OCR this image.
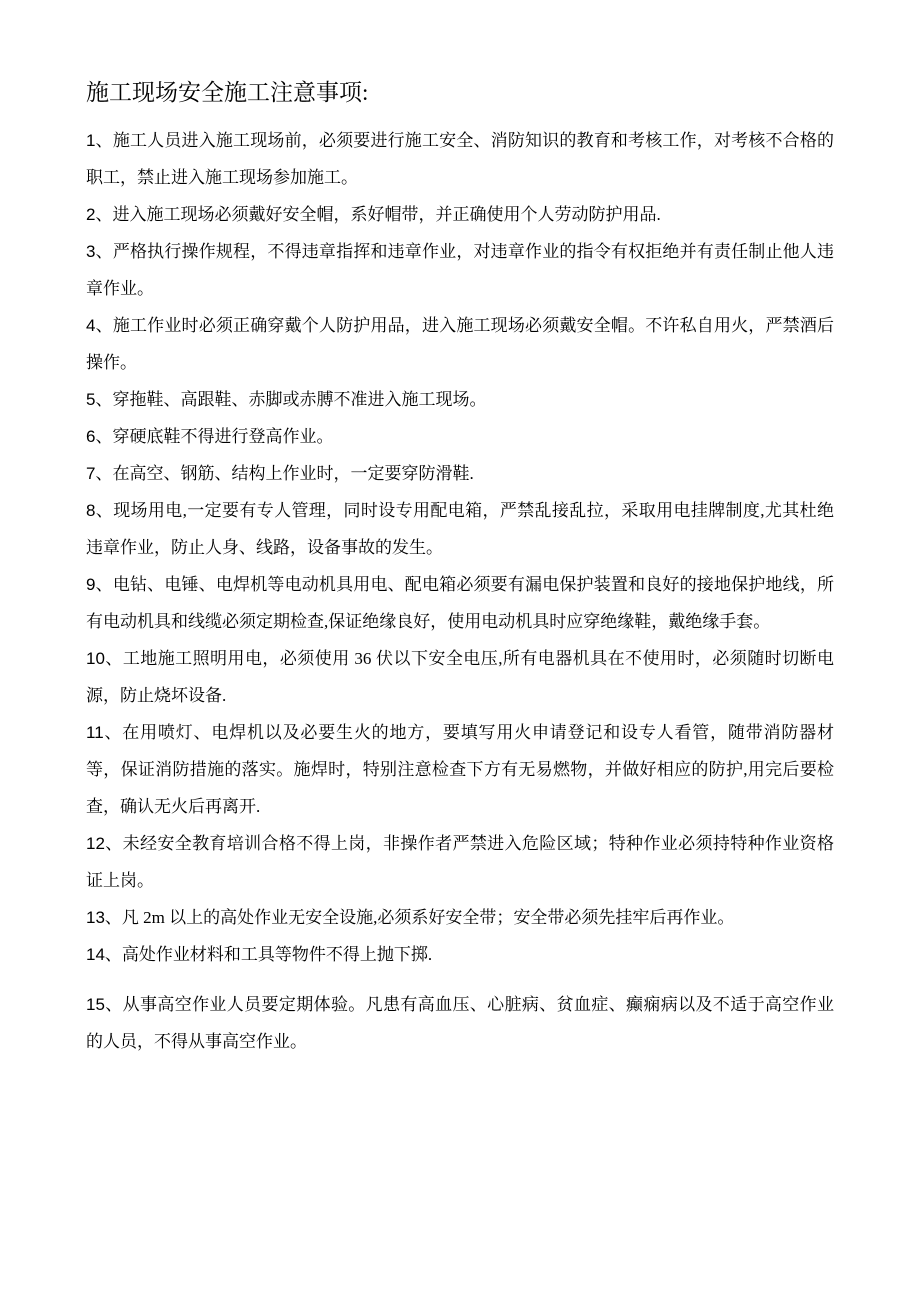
施工现场安全施工注意事项:

1、施工人员进入施工现场前，必须要进行施工安全、消防知识的教育和考核工作，对考核不合格的职工，禁止进入施工现场参加施工。

2、进入施工现场必须戴好安全帽，系好帽带，并正确使用个人劳动防护用品.

3、严格执行操作规程，不得违章指挥和违章作业，对违章作业的指令有权拒绝并有责任制止他人违章作业。

4、施工作业时必须正确穿戴个人防护用品，进入施工现场必须戴安全帽。不许私自用火，严禁酒后操作。

5、穿拖鞋、高跟鞋、赤脚或赤膊不准进入施工现场。

6、穿硬底鞋不得进行登高作业。

7、在高空、钢筋、结构上作业时，一定要穿防滑鞋.

8、现场用电,一定要有专人管理，同时设专用配电箱，严禁乱接乱拉，采取用电挂牌制度,尤其杜绝违章作业，防止人身、线路，设备事故的发生。

9、电钻、电锤、电焊机等电动机具用电、配电箱必须要有漏电保护装置和良好的接地保护地线，所有电动机具和线缆必须定期检查,保证绝缘良好，使用电动机具时应穿绝缘鞋，戴绝缘手套。

10、工地施工照明用电，必须使用 36 伏以下安全电压,所有电器机具在不使用时，必须随时切断电源，防止烧坏设备.

11、在用喷灯、电焊机以及必要生火的地方，要填写用火申请登记和设专人看管，随带消防器材等，保证消防措施的落实。施焊时，特别注意检查下方有无易燃物，并做好相应的防护,用完后要检查，确认无火后再离开.

12、未经安全教育培训合格不得上岗，非操作者严禁进入危险区域；特种作业必须持特种作业资格证上岗。

13、凡 2m 以上的高处作业无安全设施,必须系好安全带；安全带必须先挂牢后再作业。

14、高处作业材料和工具等物件不得上抛下掷.

15、从事高空作业人员要定期体验。凡患有高血压、心脏病、贫血症、癫痫病以及不适于高空作业的人员，不得从事高空作业。
